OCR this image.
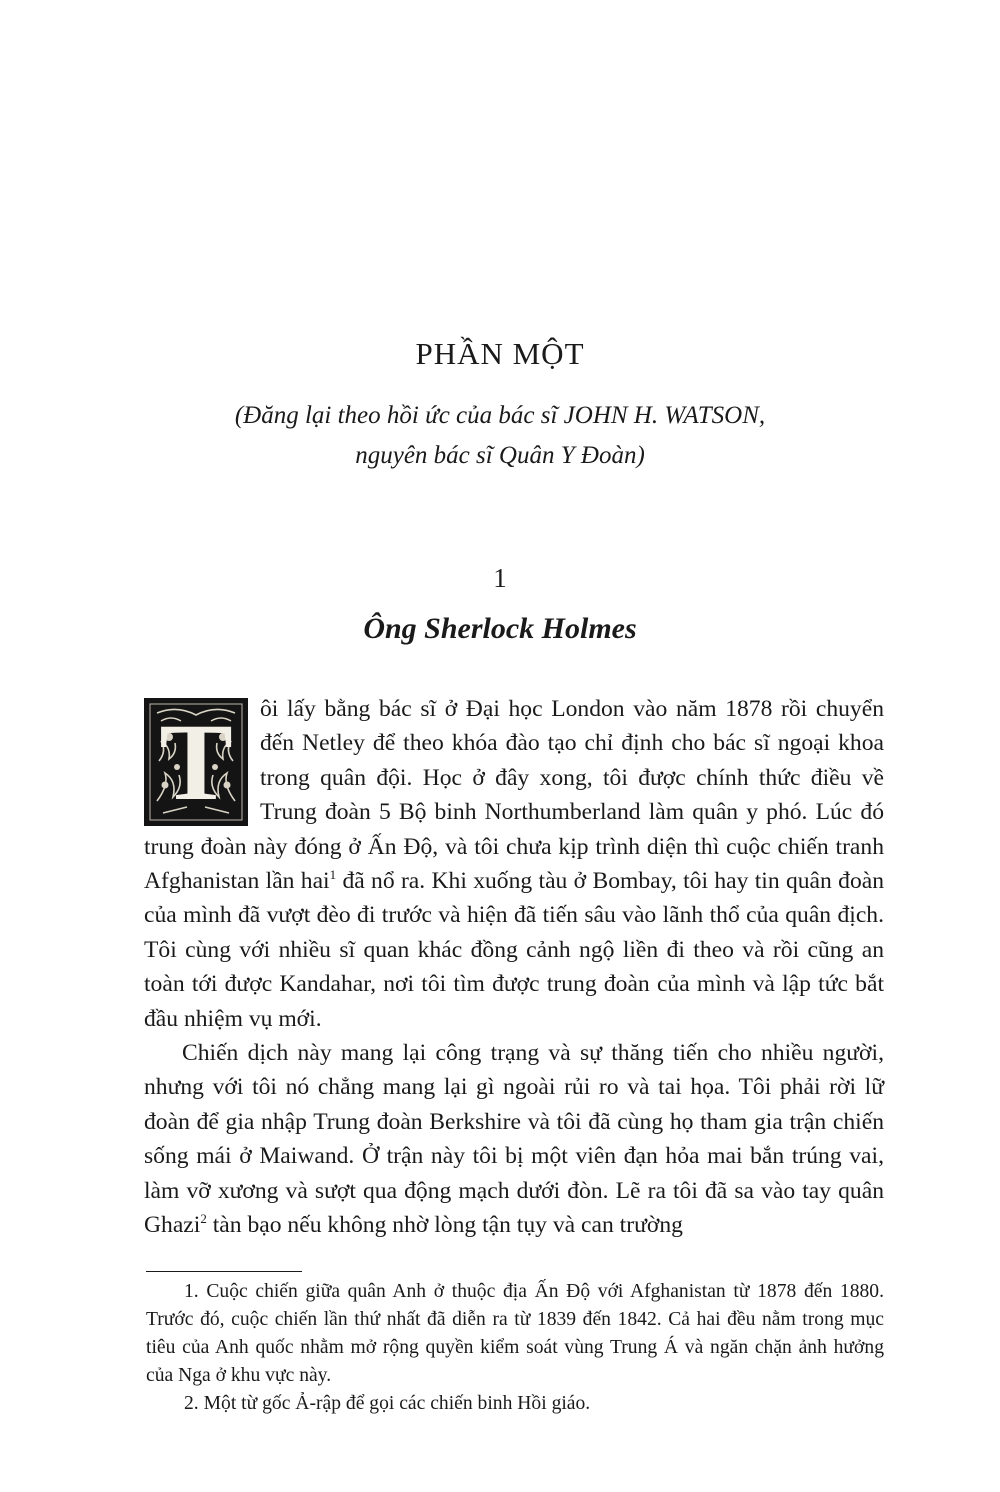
PHẦN MỘT
(Đăng lại theo hồi ức của bác sĩ JOHN H. WATSON,
nguyên bác sĩ Quân Y Đoàn)
1
Ông Sherlock Holmes

T	ôi lấy bằng bác sĩ ở Đại học London vào năm 1878 rồi chuyển đến Netley để theo khóa đào tạo chỉ định cho bác sĩ ngoại khoa trong quân đội. Học ở đây xong, tôi được chính thức điều về Trung đoàn 5 Bộ binh Northumberland làm quân y phó. Lúc đó trung đoàn này đóng ở Ấn Độ, và tôi chưa kịp trình diện thì cuộc chiến tranh Afghanistan lần hai$^1$ đã nổ ra. Khi xuống tàu ở Bombay, tôi hay tin quân đoàn của mình đã vượt đèo đi trước và hiện đã tiến sâu vào lãnh thổ của quân địch. Tôi cùng với nhiều sĩ quan khác đồng cảnh ngộ liền đi theo và rồi cũng an toàn tới được Kandahar, nơi tôi tìm được trung đoàn của mình và lập tức bắt đầu nhiệm vụ mới.

Chiến dịch này mang lại công trạng và sự thăng tiến cho nhiều người, nhưng với tôi nó chẳng mang lại gì ngoài rủi ro và tai họa. Tôi phải rời lữ đoàn để gia nhập Trung đoàn Berkshire và tôi đã cùng họ tham gia trận chiến sống mái ở Maiwand. Ở trận này tôi bị một viên đạn hỏa mai bắn trúng vai, làm vỡ xương và sượt qua động mạch dưới đòn. Lẽ ra tôi đã sa vào tay quân Ghazi$^2$ tàn bạo nếu không nhờ lòng tận tụy và can trường

1. Cuộc chiến giữa quân Anh ở thuộc địa Ấn Độ với Afghanistan từ 1878 đến 1880. Trước đó, cuộc chiến lần thứ nhất đã diễn ra từ 1839 đến 1842. Cả hai đều nằm trong mục tiêu của Anh quốc nhằm mở rộng quyền kiểm soát vùng Trung Á và ngăn chặn ảnh hưởng của Nga ở khu vực này.

2. Một từ gốc Ả-rập để gọi các chiến binh Hồi giáo.
